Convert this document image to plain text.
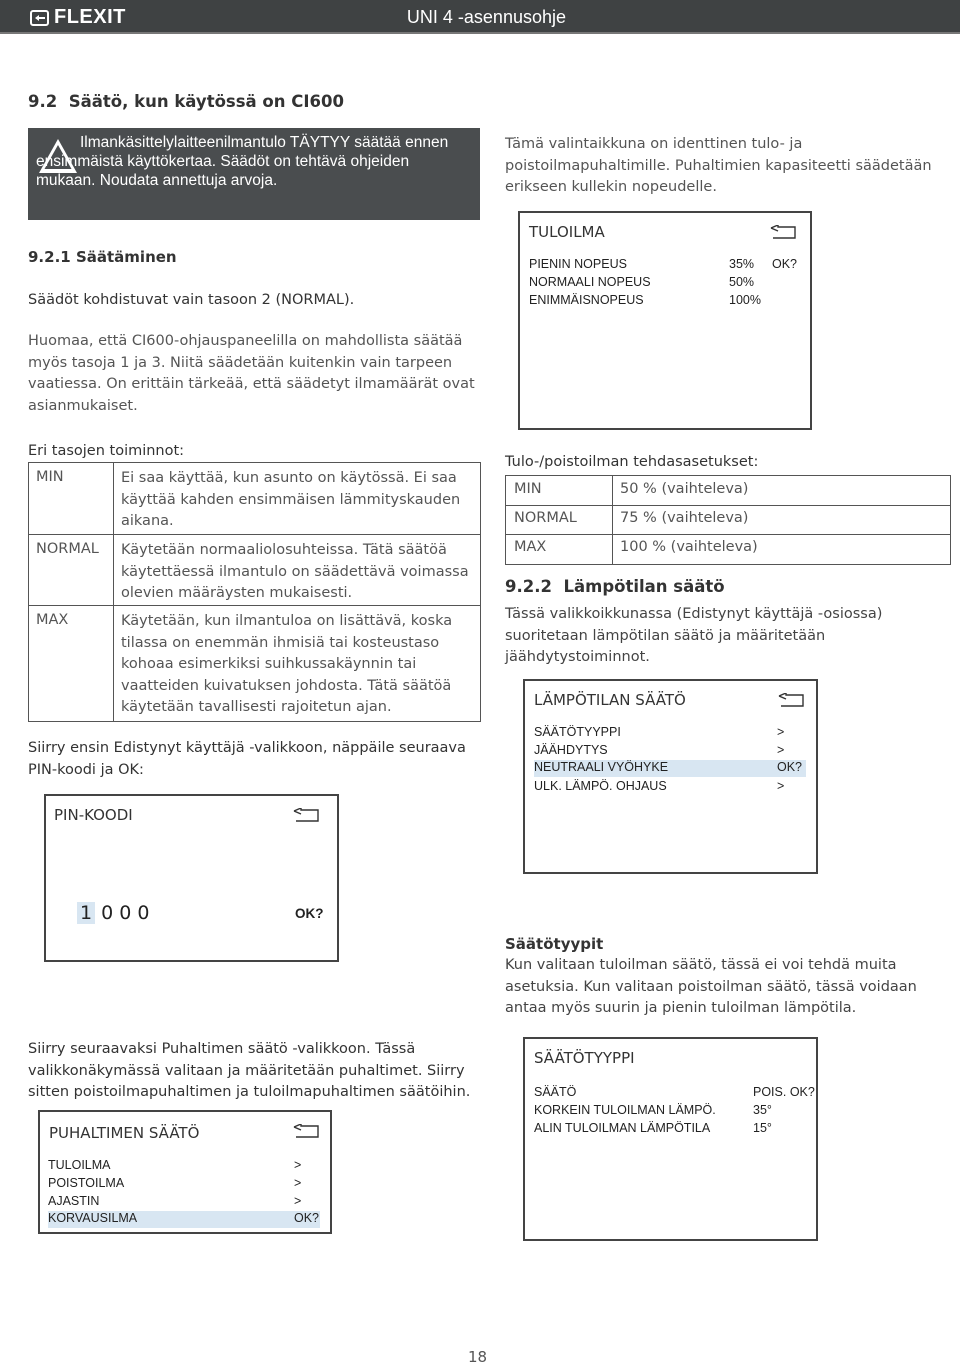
FLEXIT	UNI 4 -asennusohje
9.2 Säätö, kun käytössä on CI600
Ilmankäsittelylaitteenilmantulo TÄYTYY säätää ennen ensimmäistä käyttökertaa. Säädöt on tehtävä ohjeiden mukaan. Noudata annettuja arvoja.
9.2.1 Säätäminen
Säädöt kohdistuvat vain tasoon 2 (NORMAL).
Huomaa, että CI600-ohjauspaneelilla on mahdollista säätää myös tasoja 1 ja 3. Niitä säädetään kuitenkin vain tarpeen vaatiessa. On erittäin tärkeää, että säädetyt ilmamäärät ovat asianmukaiset.
Eri tasojen toiminnot:
MIN	Ei saa käyttää, kun asunto on käytössä. Ei saa käyttää kahden ensimmäisen lämmityskauden aikana.
NORMAL Käytetään normaaliolosuhteissa. Tätä säätöä käytettäessä ilmantulo on säädettävä voimassa olevien määräysten mukaisesti.
MAX	Käytetään, kun ilmantuloa on lisättävä, koska tilassa on enemmän ihmisiä tai kosteustaso kohoaa esimerkiksi suihkussakäynnin tai vaatteiden kuivatuksen johdosta. Tätä säätöä käytetään tavallisesti rajoitetun ajan.
Siirry ensin Edistynyt käyttäjä -valikkoon, näppäile seuraava PIN-koodi ja OK:
PIN-KOODI
1 0 0 0	OK?
Siirry seuraavaksi Puhaltimen säätö -valikkoon. Tässä valikkonäkymässä valitaan ja määritetään puhaltimet. Siirry sitten poistoilmapuhaltimen ja tuloilmapuhaltimen säätöihin.
PUHALTIMEN SÄÄTÖ
TULOILMA	>
POISTOILMA	>
AJASTIN	>
KORVAUSILMA	OK?
Tämä valintaikkuna on identtinen tulo- ja poistoilmapuhaltimille. Puhaltimien kapasiteetti säädetään erikseen kullekin nopeudelle.
TULOILMA
PIENIN NOPEUS	35% OK?
NORMAALI NOPEUS	50%
ENIMMÄISNOPEUS	100%
Tulo-/poistoilman tehdasasetukset:
MIN	50 % (vaihteleva)
NORMAL	75 % (vaihteleva)
MAX	100 % (vaihteleva)
9.2.2 Lämpötilan säätö
Tässä valikkoikkunassa (Edistynyt käyttäjä -osiossa) suoritetaan lämpötilan säätö ja määritetään jäähdytystoiminnot.
LÄMPÖTILAN SÄÄTÖ
SÄÄTÖTYYPPI	>
JÄÄHDYTYS	>
NEUTRAALI VYÖHYKE	OK?
ULK. LÄMPÖ. OHJAUS	>
Säätötyypit
Kun valitaan tuloilman säätö, tässä ei voi tehdä muita asetuksia. Kun valitaan poistoilman säätö, tässä voidaan antaa myös suurin ja pienin tuloilman lämpötila.
SÄÄTÖTYYPPI
SÄÄTÖ	POIS. OK?
KORKEIN TULOILMAN LÄMPÖ.	35°
ALIN TULOILMAN LÄMPÖTILA	15°
18
